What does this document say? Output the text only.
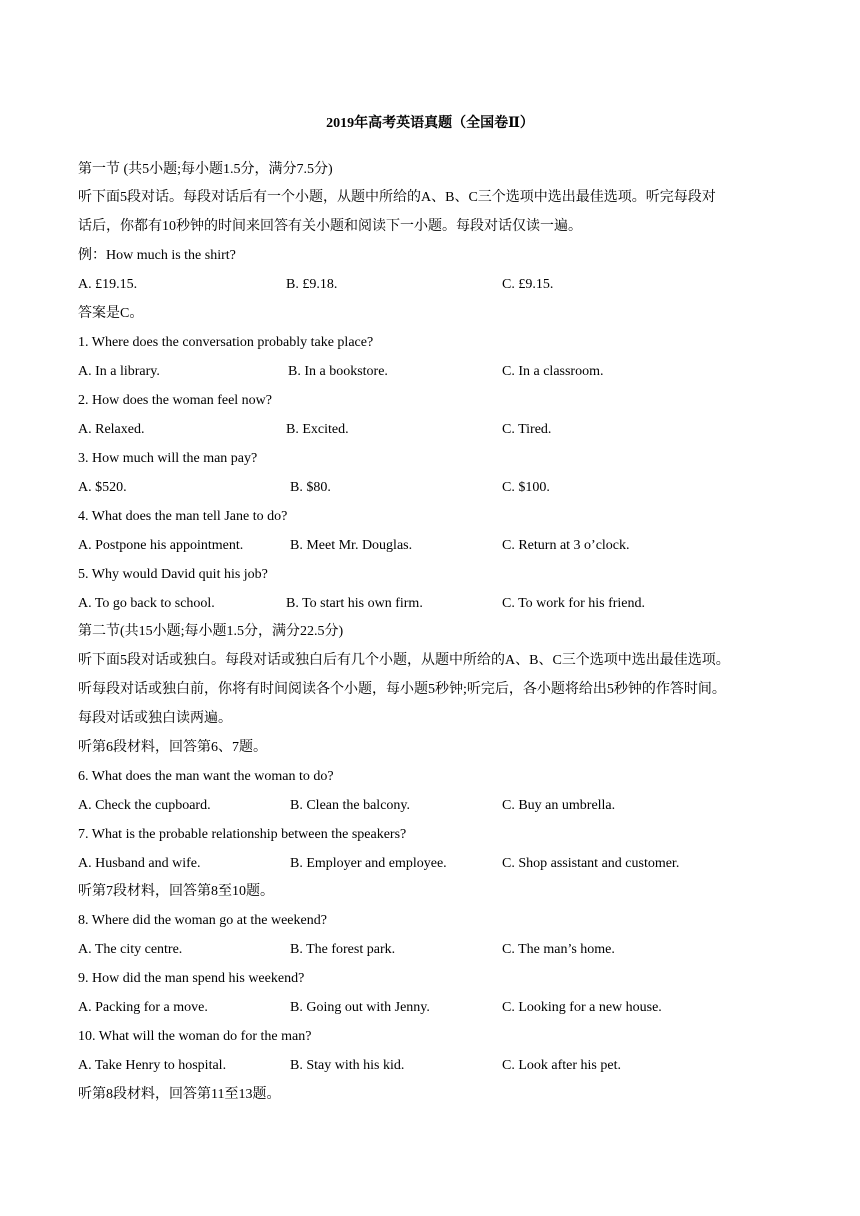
2019年高考英语真题（全国卷Ⅱ）
第一节 (共5小题;每小题1.5分，满分7.5分)
听下面5段对话。每段对话后有一个小题，从题中所给的A、B、C三个选项中选出最佳选项。听完每段对
话后，你都有10秒钟的时间来回答有关小题和阅读下一小题。每段对话仅读一遍。
例：How much is the shirt?
A. £19.15.	B. £9.18.	C. £9.15.
答案是C。
1. Where does the conversation probably take place?
A. In a library.	B. In a bookstore.	C. In a classroom.
2. How does the woman feel now?
A. Relaxed.	B. Excited.	C. Tired.
3. How much will the man pay?
A. $520.	B. $80.	C. $100.
4. What does the man tell Jane to do?
A. Postpone his appointment.	B. Meet Mr. Douglas.	C. Return at 3 o’clock.
5. Why would David quit his job?
A. To go back to school.	B. To start his own firm.	C. To work for his friend.
第二节(共15小题;每小题1.5分，满分22.5分)
听下面5段对话或独白。每段对话或独白后有几个小题，从题中所给的A、B、C三个选项中选出最佳选项。
听每段对话或独白前，你将有时间阅读各个小题，每小题5秒钟;听完后，各小题将给出5秒钟的作答时间。
每段对话或独白读两遍。
听第6段材料，回答第6、7题。
6. What does the man want the woman to do?
A. Check the cupboard.	B. Clean the balcony.	C. Buy an umbrella.
7. What is the probable relationship between the speakers?
A. Husband and wife.	B. Employer and employee.	C. Shop assistant and customer.
听第7段材料，回答第8至10题。
8. Where did the woman go at the weekend?
A. The city centre.	B. The forest park.	C. The man’s home.
9. How did the man spend his weekend?
A. Packing for a move.	B. Going out with Jenny.	C. Looking for a new house.
10. What will the woman do for the man?
A. Take Henry to hospital.	B. Stay with his kid.	C. Look after his pet.
听第8段材料，回答第11至13题。
